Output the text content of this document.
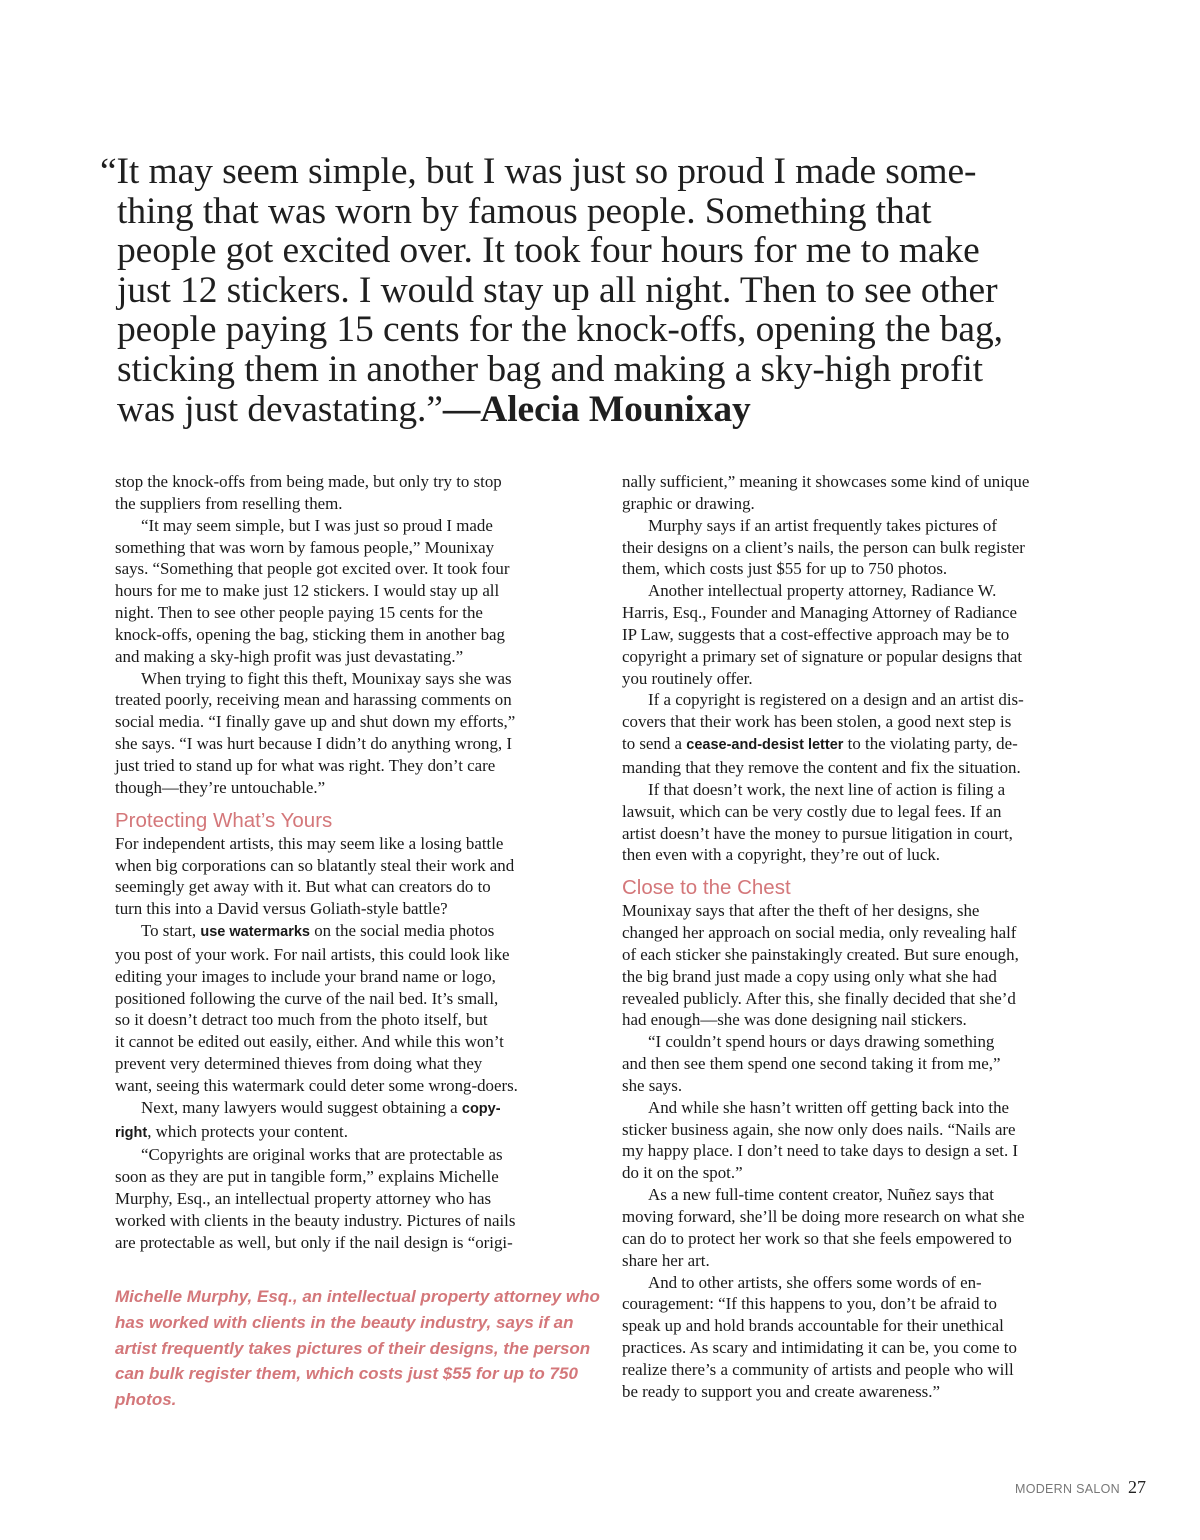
“It may seem simple, but I was just so proud I made some-
thing that was worn by famous people. Something that
people got excited over. It took four hours for me to make
just 12 stickers. I would stay up all night. Then to see other
people paying 15 cents for the knock-offs, opening the bag,
sticking them in another bag and making a sky-high profit
was just devastating.”—Alecia Mounixay
stop the knock-offs from being made, but only try to stop
the suppliers from reselling them.
“It may seem simple, but I was just so proud I made
something that was worn by famous people,” Mounixay
says. “Something that people got excited over. It took four
hours for me to make just 12 stickers. I would stay up all
night. Then to see other people paying 15 cents for the
knock-offs, opening the bag, sticking them in another bag
and making a sky-high profit was just devastating.”
When trying to fight this theft, Mounixay says she was
treated poorly, receiving mean and harassing comments on
social media. “I finally gave up and shut down my efforts,”
she says. “I was hurt because I didn’t do anything wrong, I
just tried to stand up for what was right. They don’t care
though—they’re untouchable.”
Protecting What’s Yours
For independent artists, this may seem like a losing battle
when big corporations can so blatantly steal their work and
seemingly get away with it. But what can creators do to
turn this into a David versus Goliath-style battle?
To start, use watermarks on the social media photos
you post of your work. For nail artists, this could look like
editing your images to include your brand name or logo,
positioned following the curve of the nail bed. It’s small,
so it doesn’t detract too much from the photo itself, but
it cannot be edited out easily, either. And while this won’t
prevent very determined thieves from doing what they
want, seeing this watermark could deter some wrong-doers.
Next, many lawyers would suggest obtaining a copy-
right, which protects your content.
“Copyrights are original works that are protectable as
soon as they are put in tangible form,” explains Michelle
Murphy, Esq., an intellectual property attorney who has
worked with clients in the beauty industry. Pictures of nails
are protectable as well, but only if the nail design is “origi-
Michelle Murphy, Esq., an intellectual property attorney who has worked with clients in the beauty industry, says if an artist frequently takes pictures of their designs, the person can bulk register them, which costs just $55 for up to 750 photos.
nally sufficient,” meaning it showcases some kind of unique
graphic or drawing.
Murphy says if an artist frequently takes pictures of
their designs on a client’s nails, the person can bulk register
them, which costs just $55 for up to 750 photos.
Another intellectual property attorney, Radiance W.
Harris, Esq., Founder and Managing Attorney of Radiance
IP Law, suggests that a cost-effective approach may be to
copyright a primary set of signature or popular designs that
you routinely offer.
If a copyright is registered on a design and an artist dis-
covers that their work has been stolen, a good next step is
to send a cease-and-desist letter to the violating party, de-
manding that they remove the content and fix the situation.
If that doesn’t work, the next line of action is filing a
lawsuit, which can be very costly due to legal fees. If an
artist doesn’t have the money to pursue litigation in court,
then even with a copyright, they’re out of luck.
Close to the Chest
Mounixay says that after the theft of her designs, she
changed her approach on social media, only revealing half
of each sticker she painstakingly created. But sure enough,
the big brand just made a copy using only what she had
revealed publicly. After this, she finally decided that she’d
had enough—she was done designing nail stickers.
“I couldn’t spend hours or days drawing something
and then see them spend one second taking it from me,”
she says.
And while she hasn’t written off getting back into the
sticker business again, she now only does nails. “Nails are
my happy place. I don’t need to take days to design a set. I
do it on the spot.”
As a new full-time content creator, Nuñez says that
moving forward, she’ll be doing more research on what she
can do to protect her work so that she feels empowered to
share her art.
And to other artists, she offers some words of en-
couragement: “If this happens to you, don’t be afraid to
speak up and hold brands accountable for their unethical
practices. As scary and intimidating it can be, you come to
realize there’s a community of artists and people who will
be ready to support you and create awareness.”
MODERN SALON 27
